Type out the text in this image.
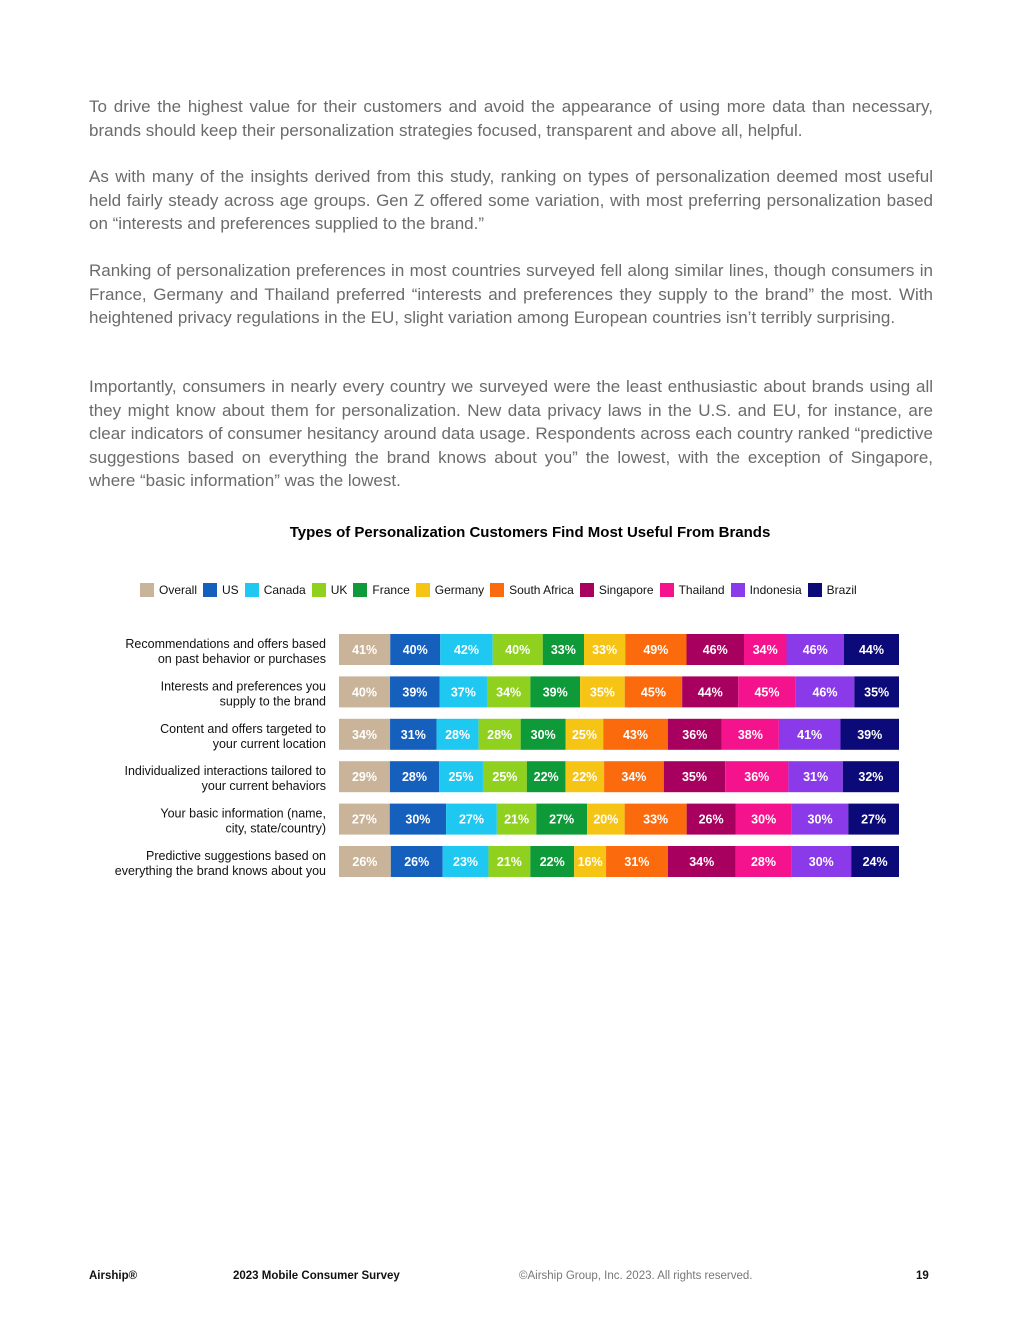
To drive the highest value for their customers and avoid the appearance of using more data than necessary, brands should keep their personalization strategies focused, transparent and above all, helpful.

As with many of the insights derived from this study, ranking on types of personalization deemed most useful held fairly steady across age groups. Gen Z offered some variation, with most preferring personalization based on “interests and preferences supplied to the brand.”

Ranking of personalization preferences in most countries surveyed fell along similar lines, though consumers in France, Germany and Thailand preferred “interests and preferences they supply to the brand” the most. With heightened privacy regulations in the EU, slight variation among European countries isn’t terribly surprising.

Importantly, consumers in nearly every country we surveyed were the least enthusiastic about brands using all they might know about them for personalization. New data privacy laws in the U.S. and EU, for instance, are clear indicators of consumer hesitancy around data usage. Respondents across each country ranked “predictive suggestions based on everything the brand knows about you” the lowest, with the exception of Singapore, where “basic information” was the lowest.

Types of Personalization Customers Find Most Useful From Brands
Overall US Canada UK France Germany South Africa Singapore Thailand Indonesia Brazil
Recommendations and offers based
on past behavior or purchases
41% 40% 42% 40% 33% 33% 49%	46% 34% 46% 44%
Interests and preferences you
supply to the brand
40% 39% 37% 34% 39% 35% 45%	44%	45%	46% 35%
Content and offers targeted to
your current location
34% 31% 28% 28% 30% 25% 43%	36% 38%	41%	39%
Individualized interactions tailored to
your current behaviors
29% 28% 25% 25% 22% 22% 34%	35%	36%	31% 32%
Your basic information (name,
city, state/country)
27% 30% 27% 21% 27% 20% 33% 26% 30%	30% 27%
Predictive suggestions based on
everything the brand knows about you
26% 26% 23% 21% 22% 16% 31%	34%	28%	30% 24%
Airship®	2023 Mobile Consumer Survey	©Airship Group, Inc. 2023. All rights reserved.	19
